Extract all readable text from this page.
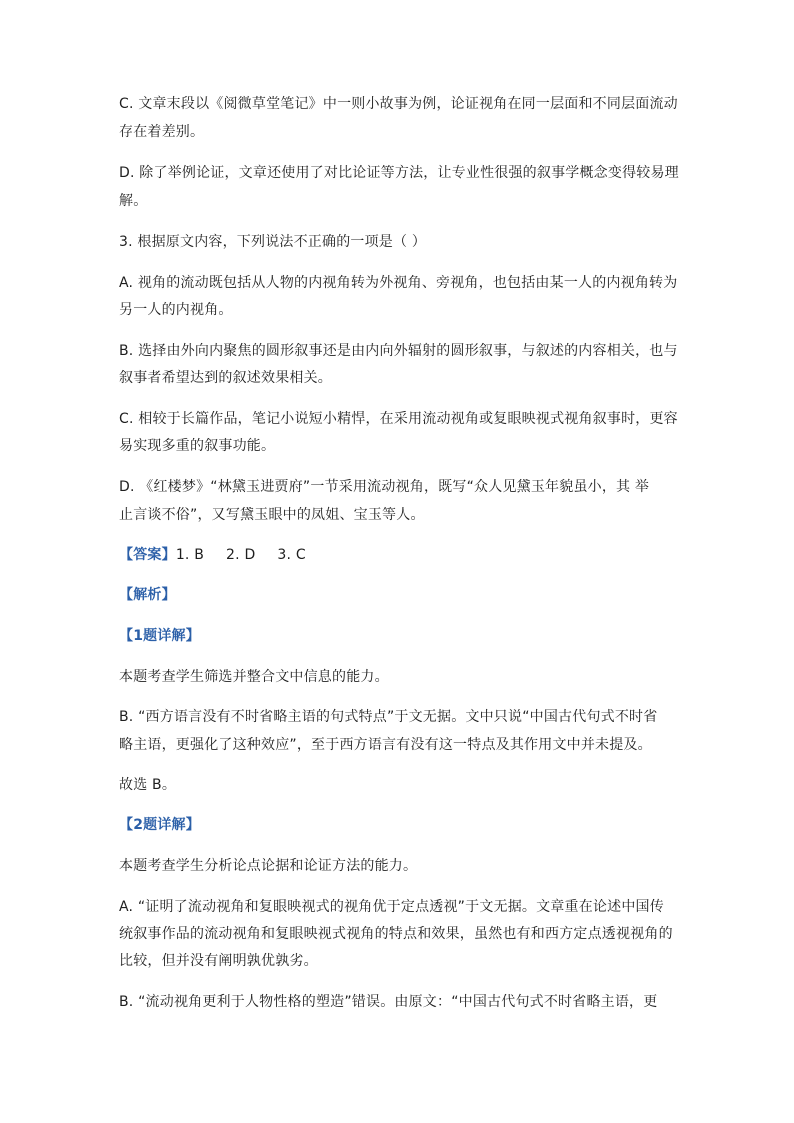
C. 文章末段以《阅微草堂笔记》中一则小故事为例，论证视角在同一层面和不同层面流动
存在着差别。
D. 除了举例论证，文章还使用了对比论证等方法，让专业性很强的叙事学概念变得较易理
解。
3. 根据原文内容，下列说法不正确的一项是（ ）
A. 视角的流动既包括从人物的内视角转为外视角、旁视角，也包括由某一人的内视角转为
另一人的内视角。
B. 选择由外向内聚焦的圆形叙事还是由内向外辐射的圆形叙事，与叙述的内容相关，也与
叙事者希望达到的叙述效果相关。
C. 相较于长篇作品，笔记小说短小精悍，在采用流动视角或复眼映视式视角叙事时，更容
易实现多重的叙事功能。
D. 《红楼梦》“林黛玉进贾府”一节采用流动视角，既写“众人见黛玉年貌虽小，其 举
止言谈不俗”，又写黛玉眼中的凤姐、宝玉等人。
【答案】1. B 2. D 3. C
【解析】
【1题详解】
本题考查学生筛选并整合文中信息的能力。
B. “西方语言没有不时省略主语的句式特点”于文无据。文中只说“中国古代句式不时省
略主语，更强化了这种效应”，至于西方语言有没有这一特点及其作用文中并未提及。
故选 B。
【2题详解】
本题考查学生分析论点论据和论证方法的能力。
A. “证明了流动视角和复眼映视式的视角优于定点透视”于文无据。文章重在论述中国传
统叙事作品的流动视角和复眼映视式视角的特点和效果，虽然也有和西方定点透视视角的
比较，但并没有阐明孰优孰劣。
B. “流动视角更利于人物性格的塑造”错误。由原文：“中国古代句式不时省略主语，更
